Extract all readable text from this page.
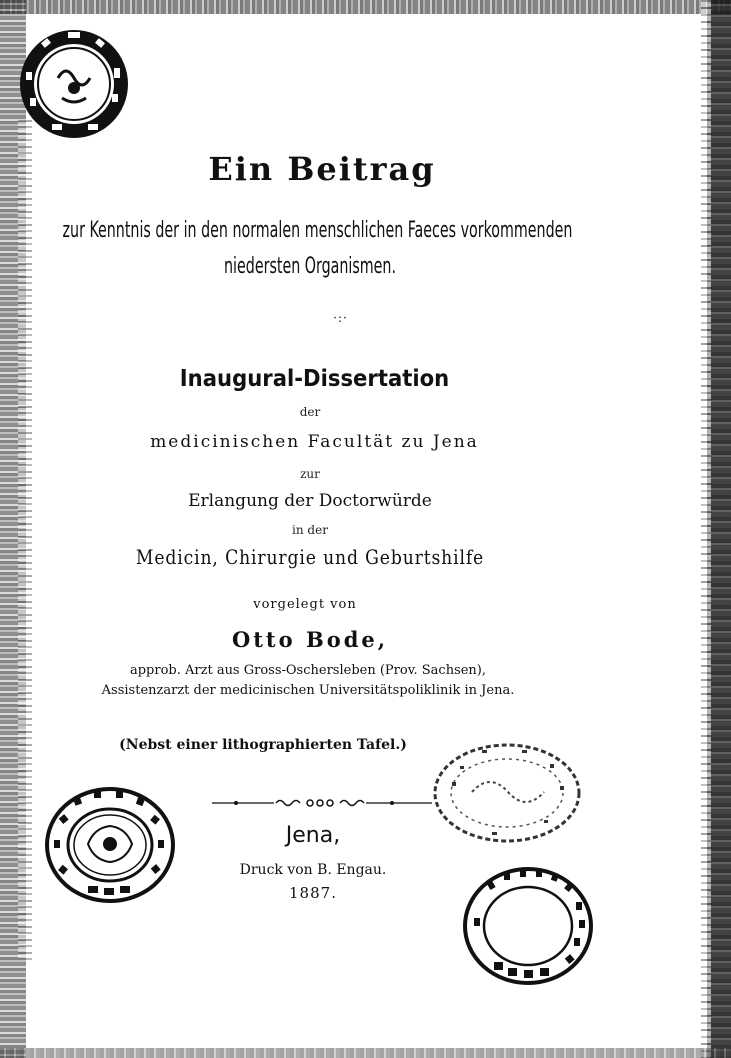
Ein Beitrag
zur Kenntnis der in den normalen menschlichen Faeces vorkommenden
niedersten Organismen.
·:·
Inaugural-Dissertation
der
medicinischen Facultät zu Jena
zur
Erlangung der Doctorwürde
in der
Medicin, Chirurgie und Geburtshilfe
vorgelegt von
Otto Bode,
approb. Arzt aus Gross-Oschersleben (Prov. Sachsen),
Assistenzarzt der medicinischen Universitätspoliklinik in Jena.
(Nebst einer lithographierten Tafel.)
Jena,
Druck von B. Engau.
1887.
